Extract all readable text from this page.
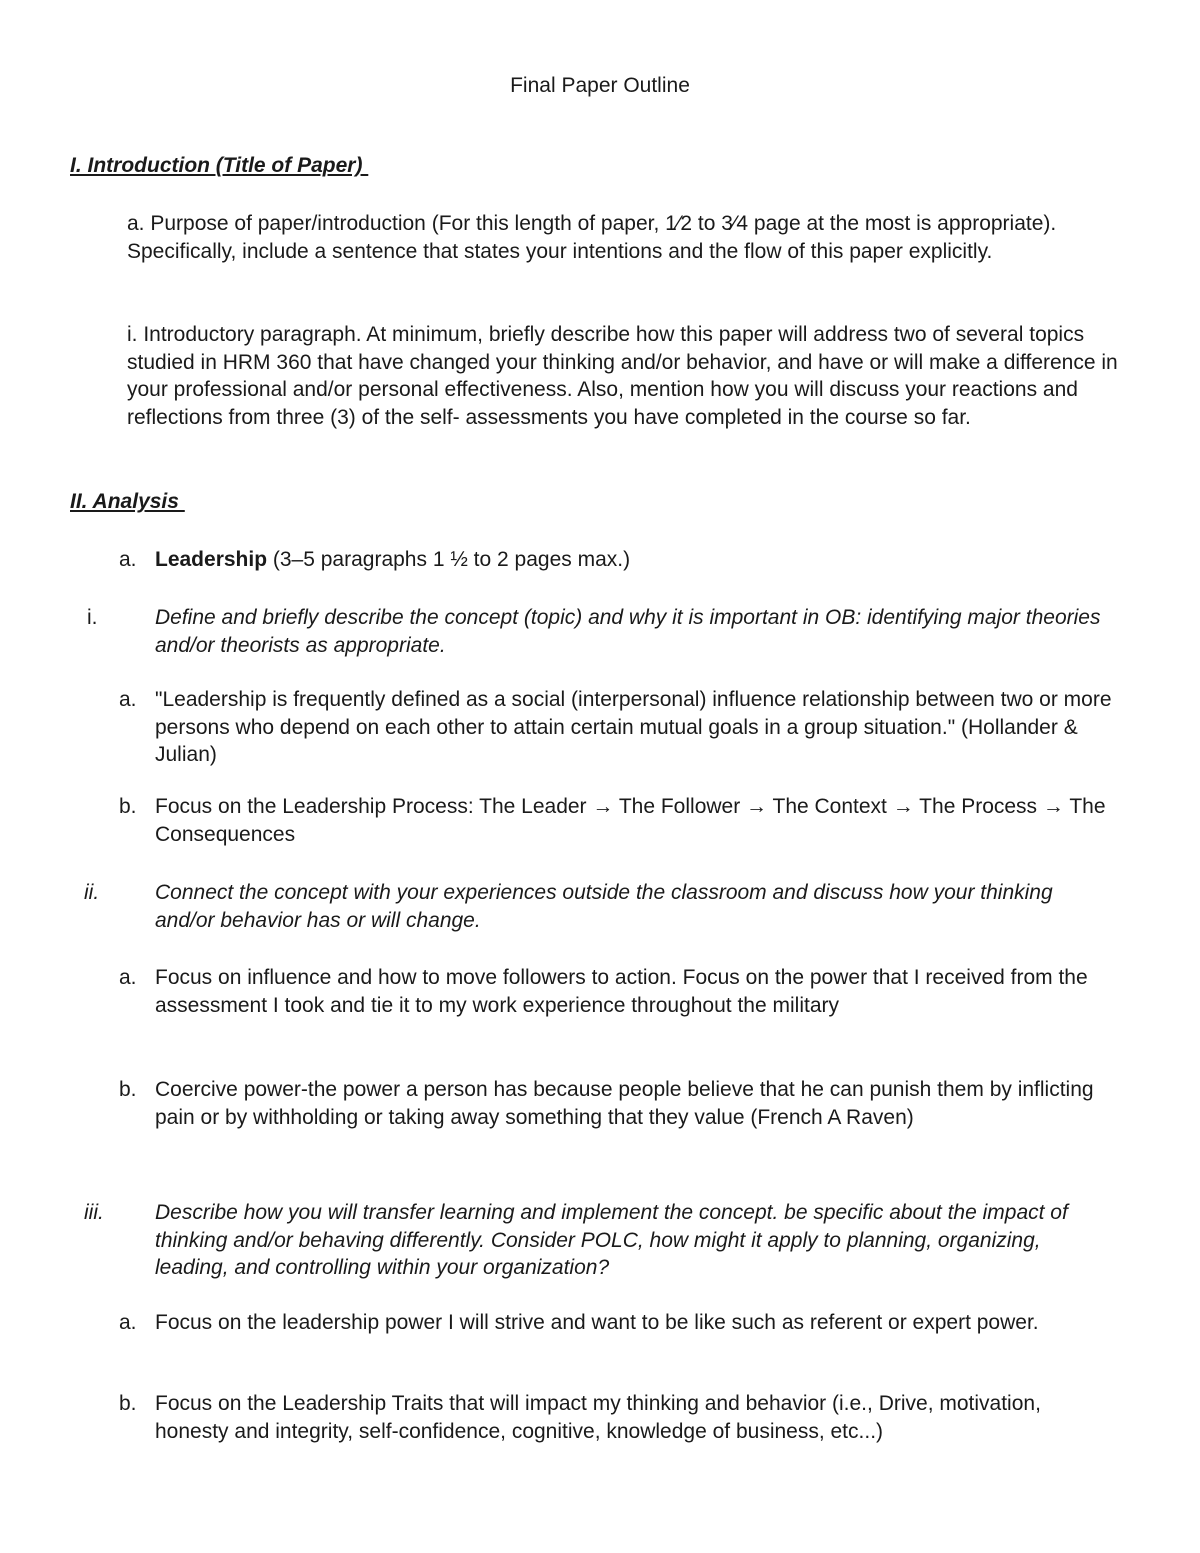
Final Paper Outline
I. Introduction (Title of Paper)

a. Purpose of paper/introduction (For this length of paper, 1⁄2 to 3⁄4 page at the most is appropriate). Specifically, include a sentence that states your intentions and the flow of this paper explicitly.

i. Introductory paragraph. At minimum, briefly describe how this paper will address two of several topics studied in HRM 360 that have changed your thinking and/or behavior, and have or will make a difference in your professional and/or personal effectiveness. Also, mention how you will discuss your reactions and reflections from three (3) of the self- assessments you have completed in the course so far.

II. Analysis
a. Leadership (3–5 paragraphs 1 ½ to 2 pages max.)
i.	Define and briefly describe the concept (topic) and why it is important in OB: identifying major theories and/or theorists as appropriate.
a. "Leadership is frequently defined as a social (interpersonal) influence relationship between two or more persons who depend on each other to attain certain mutual goals in a group situation." (Hollander & Julian)
b. Focus on the Leadership Process: The Leader → The Follower → The Context → The Process → The Consequences
ii.	Connect the concept with your experiences outside the classroom and discuss how your thinking and/or behavior has or will change.
a. Focus on influence and how to move followers to action. Focus on the power that I received from the assessment I took and tie it to my work experience throughout the military
b. Coercive power-the power a person has because people believe that he can punish them by inflicting pain or by withholding or taking away something that they value (French A Raven)
iii. Describe how you will transfer learning and implement the concept. be specific about the impact of thinking and/or behaving differently. Consider POLC, how might it apply to planning, organizing, leading, and controlling within your organization?
a. Focus on the leadership power I will strive and want to be like such as referent or expert power.
b. Focus on the Leadership Traits that will impact my thinking and behavior (i.e., Drive, motivation, honesty and integrity, self-confidence, cognitive, knowledge of business, etc...)
